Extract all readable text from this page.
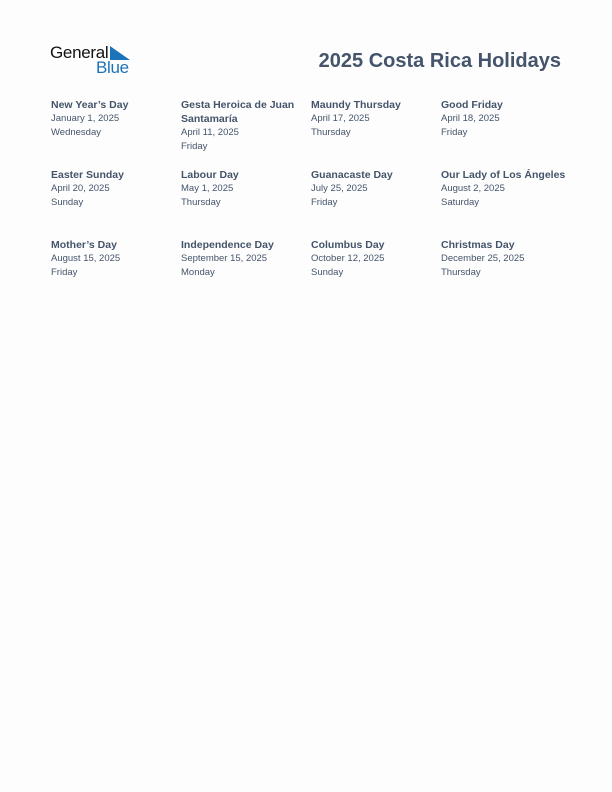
General
Blue	2025 Costa Rica Holidays
New Year’s Day
January 1, 2025
Wednesday
Gesta Heroica de Juan Santamaría
April 11, 2025
Friday
Maundy Thursday
April 17, 2025
Thursday
Good Friday
April 18, 2025
Friday
Easter Sunday
April 20, 2025
Sunday
Labour Day
May 1, 2025
Thursday
Guanacaste Day
July 25, 2025
Friday
Our Lady of Los Ángeles
August 2, 2025
Saturday
Mother’s Day
August 15, 2025
Friday
Independence Day
September 15, 2025
Monday
Columbus Day
October 12, 2025
Sunday
Christmas Day
December 25, 2025
Thursday
